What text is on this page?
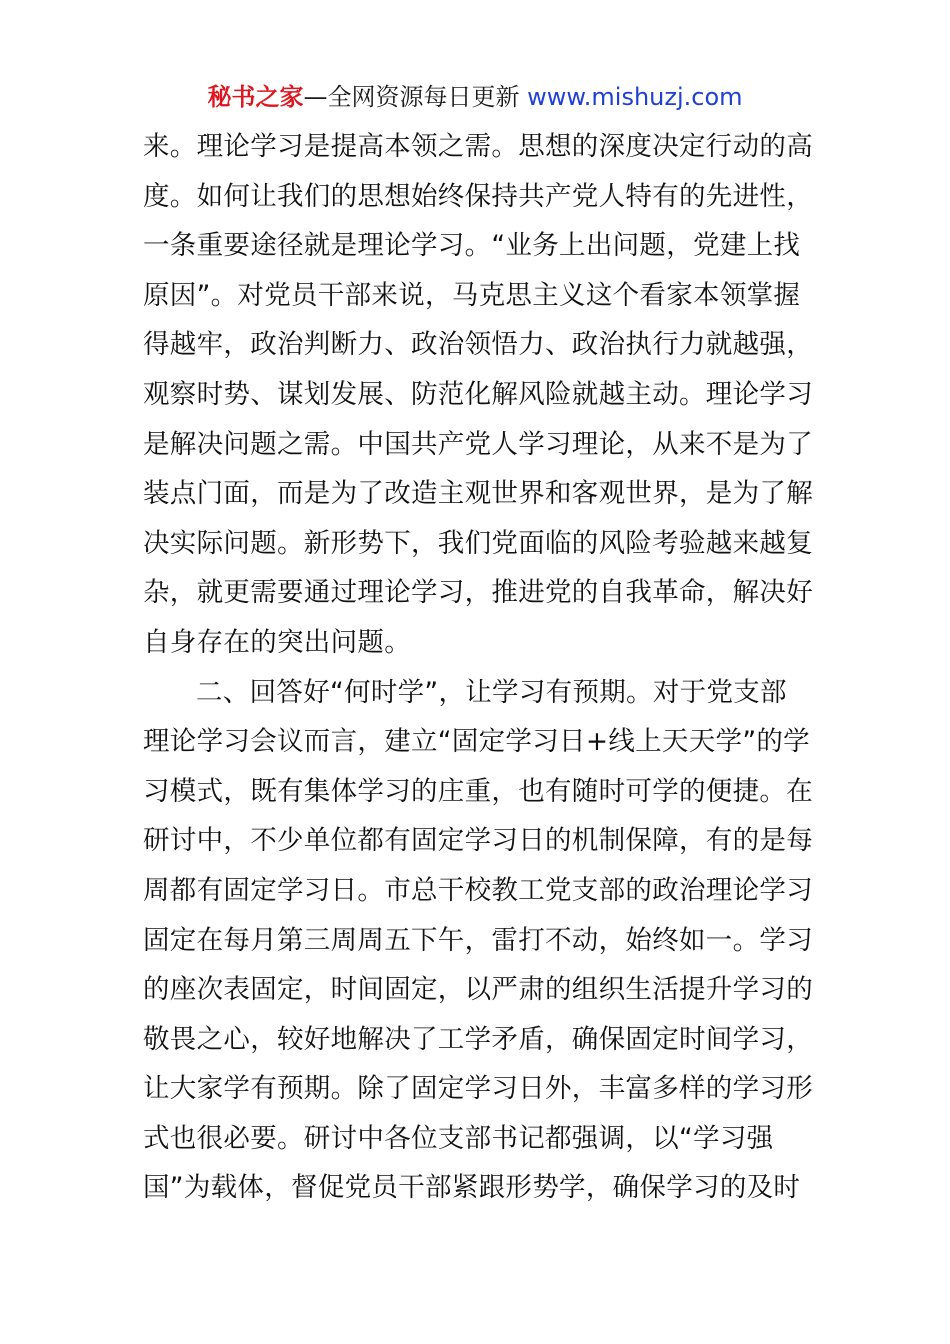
秘书之家—全网资源每日更新 www.mishuzj.com
来。理论学习是提高本领之需。思想的深度决定行动的高
度。如何让我们的思想始终保持共产党人特有的先进性，
一条重要途径就是理论学习。“业务上出问题，党建上找
原因”。对党员干部来说，马克思主义这个看家本领掌握
得越牢，政治判断力、政治领悟力、政治执行力就越强，
观察时势、谋划发展、防范化解风险就越主动。理论学习
是解决问题之需。中国共产党人学习理论，从来不是为了
装点门面，而是为了改造主观世界和客观世界，是为了解
决实际问题。新形势下，我们党面临的风险考验越来越复
杂，就更需要通过理论学习，推进党的自我革命，解决好
自身存在的突出问题。
二、回答好“何时学”，让学习有预期。对于党支部
理论学习会议而言，建立“固定学习日+线上天天学”的学
习模式，既有集体学习的庄重，也有随时可学的便捷。在
研讨中，不少单位都有固定学习日的机制保障，有的是每
周都有固定学习日。市总干校教工党支部的政治理论学习
固定在每月第三周周五下午，雷打不动，始终如一。学习
的座次表固定，时间固定，以严肃的组织生活提升学习的
敬畏之心，较好地解决了工学矛盾，确保固定时间学习，
让大家学有预期。除了固定学习日外，丰富多样的学习形
式也很必要。研讨中各位支部书记都强调，以“学习强
国”为载体，督促党员干部紧跟形势学，确保学习的及时
